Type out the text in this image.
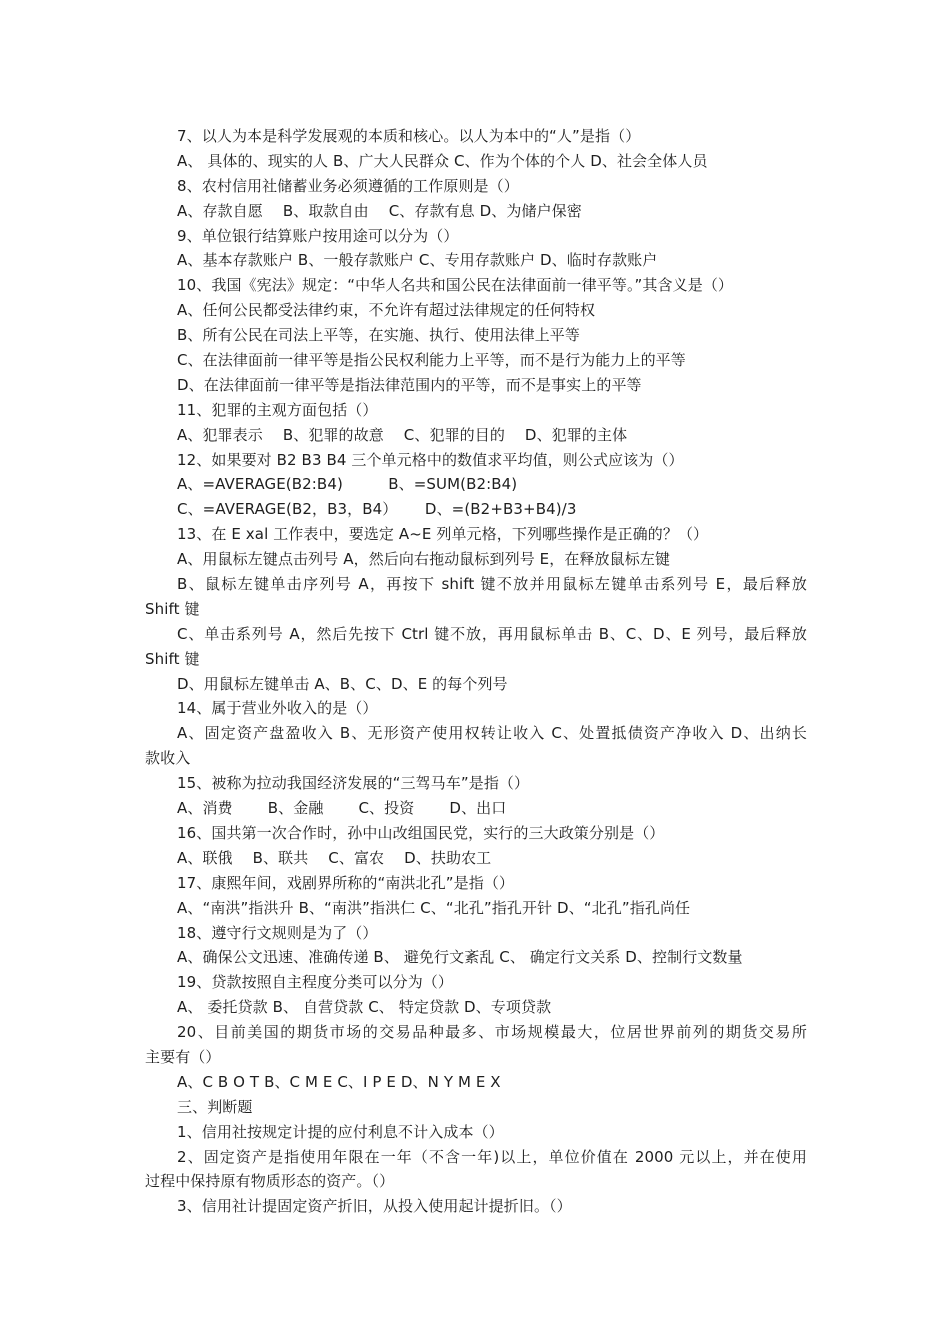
7、以人为本是科学发展观的本质和核心。以人为本中的“人”是指（）
A、 具体的、现实的人 B、广大人民群众 C、作为个体的个人 D、社会全体人员
8、农村信用社储蓄业务必须遵循的工作原则是（）
A、存款自愿　 B、取款自由　 C、存款有息 D、为储户保密
9、单位银行结算账户按用途可以分为（）
A、基本存款账户 B、一般存款账户 C、专用存款账户 D、临时存款账户
10、我国《宪法》规定：“中华人名共和国公民在法律面前一律平等。”其含义是（）
A、任何公民都受法律约束，不允许有超过法律规定的任何特权
B、所有公民在司法上平等，在实施、执行、使用法律上平等
C、在法律面前一律平等是指公民权利能力上平等，而不是行为能力上的平等
D、在法律面前一律平等是指法律范围内的平等，而不是事实上的平等
11、犯罪的主观方面包括（）
A、犯罪表示　 B、犯罪的故意　 C、犯罪的目的　 D、犯罪的主体
12、如果要对 B2 B3 B4 三个单元格中的数值求平均值，则公式应该为（）
A、=AVERAGE(B2:B4)　　　B、=SUM(B2:B4)
C、=AVERAGE(B2，B3，B4）　　 D、=(B2+B3+B4)/3
13、在 E xal 工作表中，要选定 A~E 列单元格，下列哪些操作是正确的？（）
A、用鼠标左键点击列号 A，然后向右拖动鼠标到列号 E，在释放鼠标左键
B、鼠标左键单击序列号 A，再按下 shift 键不放并用鼠标左键单击系列号 E，最后释放
Shift 键
C、单击系列号 A，然后先按下 Ctrl 键不放，再用鼠标单击 B、C、D、E 列号，最后释放
Shift 键
D、用鼠标左键单击 A、B、C、D、E 的每个列号
14、属于营业外收入的是（）
A、固定资产盘盈收入 B、无形资产使用权转让收入 C、处置抵债资产净收入 D、出纳长
款收入
15、被称为拉动我国经济发展的“三驾马车”是指（）
A、消费　　 B、金融　　 C、投资　　 D、出口
16、国共第一次合作时，孙中山改组国民党，实行的三大政策分别是（）
A、联俄　 B、联共　 C、富农　 D、扶助农工
17、康熙年间，戏剧界所称的“南洪北孔”是指（）
A、“南洪”指洪升 B、“南洪”指洪仁 C、“北孔”指孔开针 D、“北孔”指孔尚任
18、遵守行文规则是为了（）
A、确保公文迅速、准确传递 B、 避免行文紊乱 C、 确定行文关系 D、控制行文数量
19、贷款按照自主程度分类可以分为（）
A、 委托贷款 B、 自营贷款 C、 特定贷款 D、专项贷款
20、目前美国的期货市场的交易品种最多、市场规模最大，位居世界前列的期货交易所
主要有（）
A、C B O T B、C M E C、I P E D、N Y M E X
三、判断题
1、信用社按规定计提的应付利息不计入成本（）
2、固定资产是指使用年限在一年（不含一年)以上，单位价值在 2000 元以上，并在使用
过程中保持原有物质形态的资产。（）
3、信用社计提固定资产折旧，从投入使用起计提折旧。（）
